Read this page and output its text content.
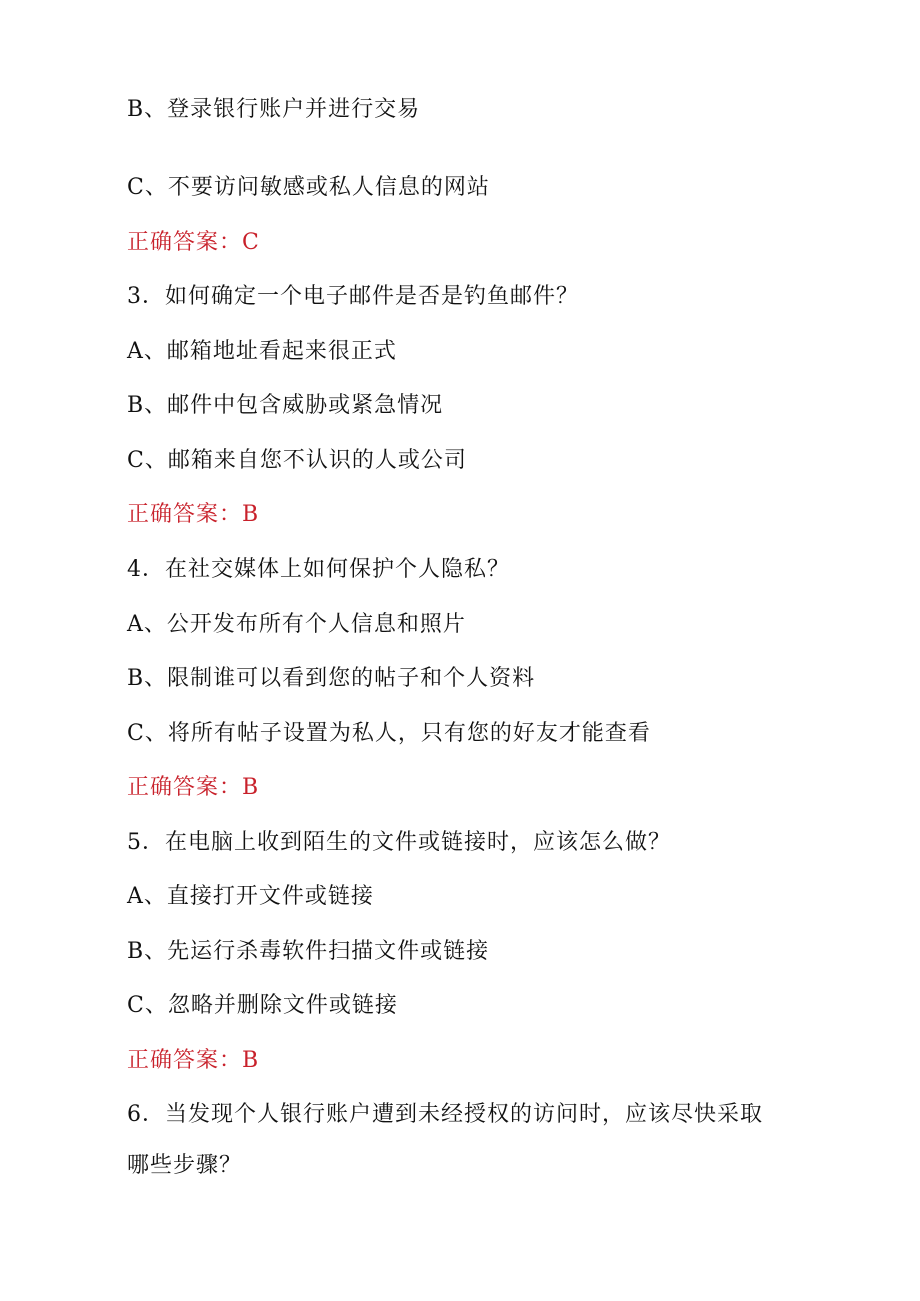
B、登录银行账户并进行交易
C、不要访问敏感或私人信息的网站
正确答案：C
3．如何确定一个电子邮件是否是钓鱼邮件？
A、邮箱地址看起来很正式
B、邮件中包含威胁或紧急情况
C、邮箱来自您不认识的人或公司
正确答案：B
4．在社交媒体上如何保护个人隐私？
A、公开发布所有个人信息和照片
B、限制谁可以看到您的帖子和个人资料
C、将所有帖子设置为私人，只有您的好友才能查看
正确答案：B
5．在电脑上收到陌生的文件或链接时，应该怎么做？
A、直接打开文件或链接
B、先运行杀毒软件扫描文件或链接
C、忽略并删除文件或链接
正确答案：B
6．当发现个人银行账户遭到未经授权的访问时，应该尽快采取
哪些步骤？
